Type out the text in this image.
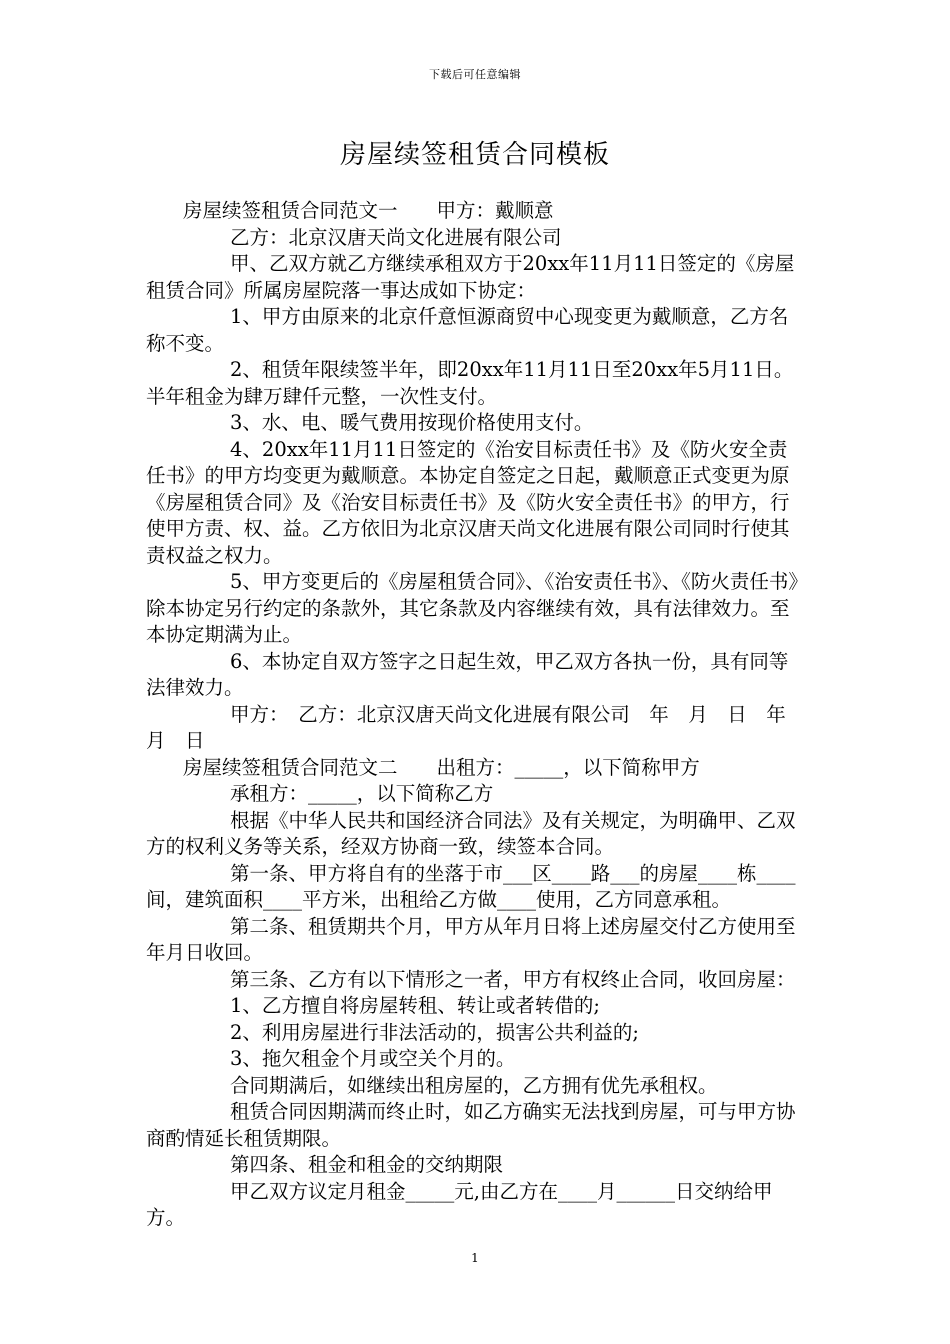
下载后可任意编辑
房屋续签租赁合同模板

房屋续签租赁合同范文一　　甲方：戴顺意

乙方：北京汉唐天尚文化进展有限公司

甲、乙双方就乙方继续承租双方于20xx年11月11日签定的《房屋租赁合同》所属房屋院落一事达成如下协定：

1、甲方由原来的北京仟意恒源商贸中心现变更为戴顺意，乙方名称不变。

2、租赁年限续签半年，即20xx年11月11日至20xx年5月11日。半年租金为肆万肆仟元整，一次性支付。

3、水、电、暖气费用按现价格使用支付。

4、20xx年11月11日签定的《治安目标责任书》及《防火安全责任书》的甲方均变更为戴顺意。本协定自签定之日起，戴顺意正式变更为原《房屋租赁合同》及《治安目标责任书》及《防火安全责任书》的甲方，行使甲方责、权、益。乙方依旧为北京汉唐天尚文化进展有限公司同时行使其责权益之权力。

5、甲方变更后的《房屋租赁合同》、《治安责任书》、《防火责任书》除本协定另行约定的条款外，其它条款及内容继续有效，具有法律效力。至本协定期满为止。

6、本协定自双方签字之日起生效，甲乙双方各执一份，具有同等法律效力。

甲方：　乙方：北京汉唐天尚文化进展有限公司　年　月　日　年　月　日

房屋续签租赁合同范文二　　出租方：_____，以下简称甲方

承租方：_____，以下简称乙方

根据《中华人民共和国经济合同法》及有关规定，为明确甲、乙双方的权利义务等关系，经双方协商一致，续签本合同。

第一条、甲方将自有的坐落于市___区____路___的房屋____栋____间，建筑面积____平方米，出租给乙方做____使用，乙方同意承租。

第二条、租赁期共个月，甲方从年月日将上述房屋交付乙方使用至年月日收回。

第三条、乙方有以下情形之一者，甲方有权终止合同，收回房屋：

1、乙方擅自将房屋转租、转让或者转借的;

2、利用房屋进行非法活动的，损害公共利益的;

3、拖欠租金个月或空关个月的。

合同期满后，如继续出租房屋的，乙方拥有优先承租权。

租赁合同因期满而终止时，如乙方确实无法找到房屋，可与甲方协商酌情延长租赁期限。

第四条、租金和租金的交纳期限

甲乙双方议定月租金_____元,由乙方在____月______日交纳给甲方。

1
